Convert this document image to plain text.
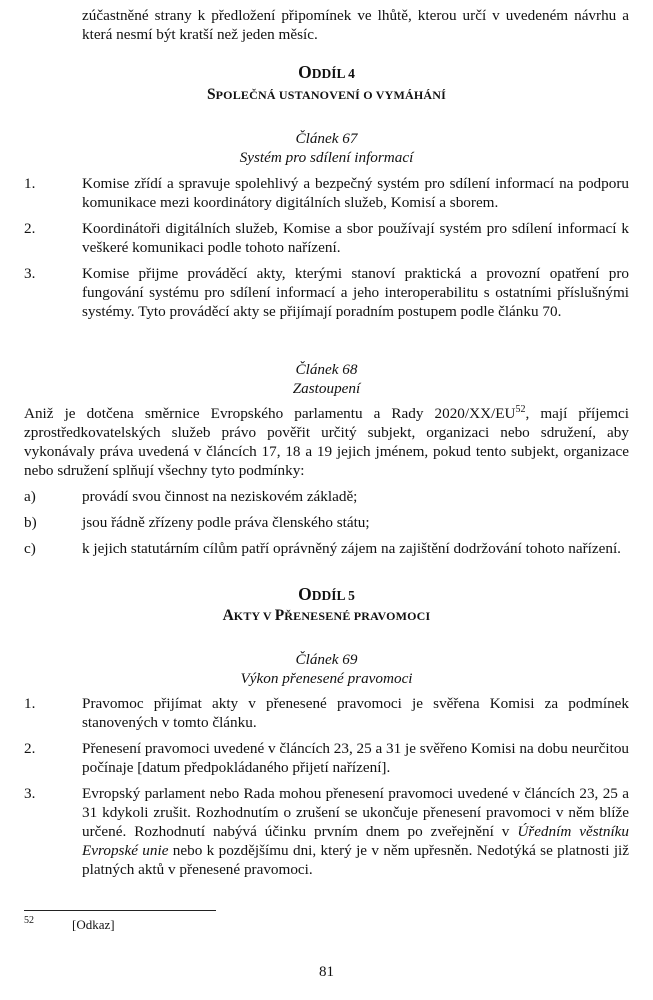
zúčastněné strany k předložení připomínek ve lhůtě, kterou určí v uvedeném návrhu a která nesmí být kratší než jeden měsíc.
ODDÍL 4
SPOLEČNÁ USTANOVENÍ O VYMÁHÁNÍ
Článek 67
Systém pro sdílení informací
1.	Komise zřídí a spravuje spolehlivý a bezpečný systém pro sdílení informací na podporu komunikace mezi koordinátory digitálních služeb, Komisí a sborem.
2.	Koordinátoři digitálních služeb, Komise a sbor používají systém pro sdílení informací k veškeré komunikaci podle tohoto nařízení.
3.	Komise přijme prováděcí akty, kterými stanoví praktická a provozní opatření pro fungování systému pro sdílení informací a jeho interoperabilitu s ostatními příslušnými systémy. Tyto prováděcí akty se přijímají poradním postupem podle článku 70.
Článek 68
Zastoupení
Aniž je dotčena směrnice Evropského parlamentu a Rady 2020/XX/EU$^{52}$, mají příjemci zprostředkovatelských služeb právo pověřit určitý subjekt, organizaci nebo sdružení, aby vykonávaly práva uvedená v článcích 17, 18 a 19 jejich jménem, pokud tento subjekt, organizace nebo sdružení splňují všechny tyto podmínky:
a)	provádí svou činnost na neziskovém základě;
b)	jsou řádně zřízeny podle práva členského státu;
c)	k jejich statutárním cílům patří oprávněný zájem na zajištění dodržování tohoto nařízení.
ODDÍL 5
AKTY V PŘENESENÉ PRAVOMOCI
Článek 69
Výkon přenesené pravomoci
1.	Pravomoc přijímat akty v přenesené pravomoci je svěřena Komisi za podmínek stanovených v tomto článku.
2.	Přenesení pravomoci uvedené v článcích 23, 25 a 31 je svěřeno Komisi na dobu neurčitou počínaje [datum předpokládaného přijetí nařízení].
3.	Evropský parlament nebo Rada mohou přenesení pravomoci uvedené v článcích 23, 25 a 31 kdykoli zrušit. Rozhodnutím o zrušení se ukončuje přenesení pravomoci v něm blíže určené. Rozhodnutí nabývá účinku prvním dnem po zveřejnění v Úředním věstníku Evropské unie nebo k pozdějšímu dni, který je v něm upřesněn. Nedotýká se platnosti již platných aktů v přenesené pravomoci.
52	[Odkaz]
81
